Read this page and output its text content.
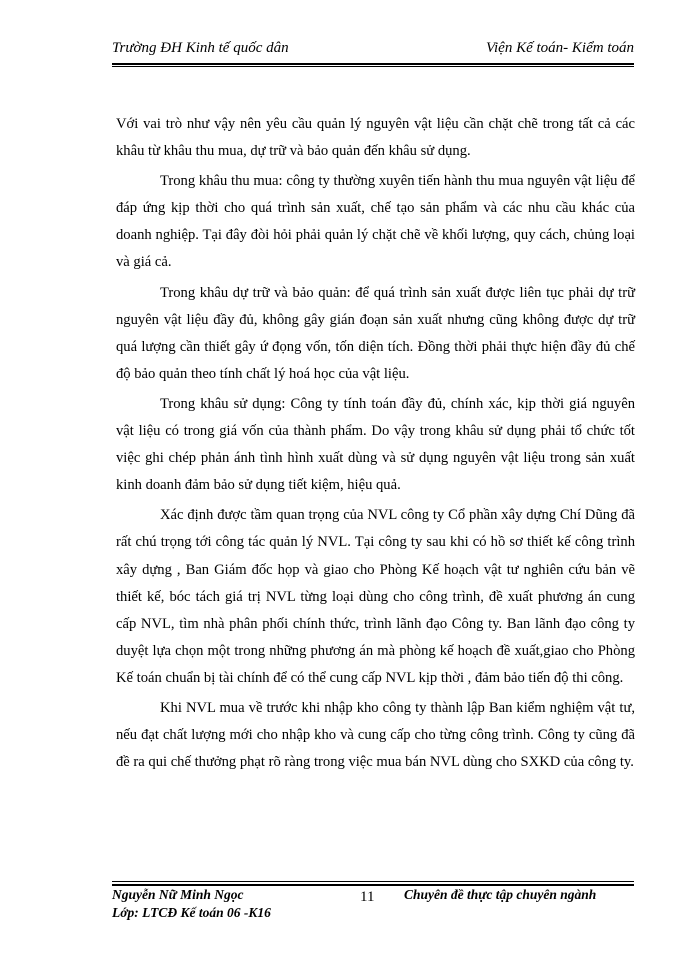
Trường ĐH Kinh tế quốc dân	Viện Kế toán- Kiểm toán

Với vai trò như vậy nên yêu cầu quản lý nguyên vật liệu cần chặt chẽ trong tất cả các khâu từ khâu thu mua, dự trữ và bảo quản đến khâu sử dụng.

Trong khâu thu mua: công ty thường xuyên tiến hành thu mua nguyên vật liệu để đáp ứng kịp thời cho quá trình sản xuất, chế tạo sản phẩm và các nhu cầu khác của doanh nghiệp. Tại đây đòi hỏi phải quản lý chặt chẽ về khối lượng, quy cách, chủng loại và giá cả.

Trong khâu dự trữ và bảo quản: để quá trình sản xuất được liên tục phải dự trữ nguyên vật liệu đầy đủ, không gây gián đoạn sản xuất nhưng cũng không được dự trữ quá lượng cần thiết gây ứ đọng vốn, tốn diện tích. Đồng thời phải thực hiện đầy đủ chế độ bảo quản theo tính chất lý hoá học của vật liệu.

Trong khâu sử dụng: Công ty tính toán đầy đủ, chính xác, kịp thời giá nguyên vật liệu có trong giá vốn của thành phẩm. Do vậy trong khâu sử dụng phải tổ chức tốt việc ghi chép phản ánh tình hình xuất dùng và sử dụng nguyên vật liệu trong sản xuất kinh doanh đảm bảo sử dụng tiết kiệm, hiệu quả.

Xác định được tầm quan trọng của NVL công ty Cổ phần xây dựng Chí Dũng đã rất chú trọng tới công tác quản lý NVL. Tại công ty sau khi có hồ sơ thiết kế công trình xây dựng , Ban Giám đốc họp và giao cho Phòng Kế hoạch vật tư nghiên cứu bản vẽ thiết kế, bóc tách giá trị NVL từng loại dùng cho công trình, đề xuất phương án cung cấp NVL, tìm nhà phân phối chính thức, trình lãnh đạo Công ty. Ban lãnh đạo công ty duyệt lựa chọn một trong những phương án mà phòng kế hoạch đề xuất,giao cho Phòng Kế toán chuẩn bị tài chính để có thể cung cấp NVL kịp thời , đảm bảo tiến độ thi công.

Khi NVL mua về trước khi nhập kho công ty thành lập Ban kiểm nghiệm vật tư, nếu đạt chất lượng mới cho nhập kho và cung cấp cho từng công trình. Công ty cũng đã đề ra qui chế thưởng phạt rõ ràng trong việc mua bán NVL dùng cho SXKD của công ty.

Nguyễn Nữ Minh Ngọc
Lớp: LTCĐ Kế toán 06 -K16
11 Chuyên đề thực tập chuyên ngành
